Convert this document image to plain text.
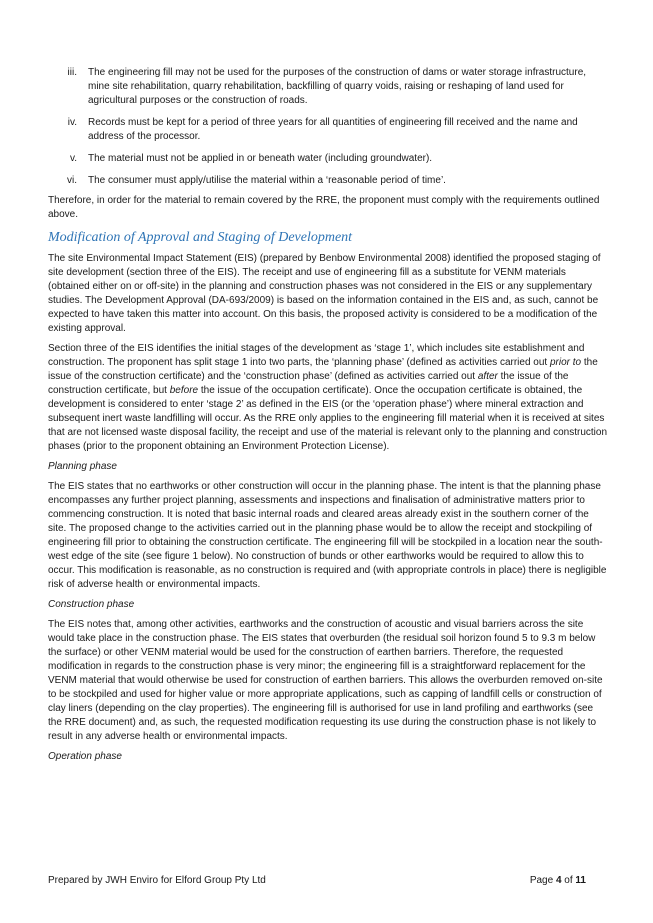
iii.	The engineering fill may not be used for the purposes of the construction of dams or water storage infrastructure, mine site rehabilitation, quarry rehabilitation, backfilling of quarry voids, raising or reshaping of land used for agricultural purposes or the construction of roads.
iv.	Records must be kept for a period of three years for all quantities of engineering fill received and the name and address of the processor.
v.	The material must not be applied in or beneath water (including groundwater).
vi.	The consumer must apply/utilise the material within a ‘reasonable period of time’.

Therefore, in order for the material to remain covered by the RRE, the proponent must comply with the requirements outlined above.

Modification of Approval and Staging of Development

The site Environmental Impact Statement (EIS) (prepared by Benbow Environmental 2008) identified the proposed staging of site development (section three of the EIS). The receipt and use of engineering fill as a substitute for VENM materials (obtained either on or off-site) in the planning and construction phases was not considered in the EIS or any supplementary studies. The Development Approval (DA-693/2009) is based on the information contained in the EIS and, as such, cannot be expected to have taken this matter into account. On this basis, the proposed activity is considered to be a modification of the existing approval.

Section three of the EIS identifies the initial stages of the development as ‘stage 1’, which includes site establishment and construction. The proponent has split stage 1 into two parts, the ‘planning phase’ (defined as activities carried out prior to the issue of the construction certificate) and the ‘construction phase’ (defined as activities carried out after the issue of the construction certificate, but before the issue of the occupation certificate). Once the occupation certificate is obtained, the development is considered to enter ‘stage 2’ as defined in the EIS (or the ‘operation phase’) where mineral extraction and subsequent inert waste landfilling will occur. As the RRE only applies to the engineering fill material when it is received at sites that are not licensed waste disposal facility, the receipt and use of the material is relevant only to the planning and construction phases (prior to the proponent obtaining an Environment Protection License).

Planning phase

The EIS states that no earthworks or other construction will occur in the planning phase. The intent is that the planning phase encompasses any further project planning, assessments and inspections and finalisation of administrative matters prior to commencing construction. It is noted that basic internal roads and cleared areas already exist in the southern corner of the site. The proposed change to the activities carried out in the planning phase would be to allow the receipt and stockpiling of engineering fill prior to obtaining the construction certificate. The engineering fill will be stockpiled in a location near the south-west edge of the site (see figure 1 below). No construction of bunds or other earthworks would be required to allow this to occur. This modification is reasonable, as no construction is required and (with appropriate controls in place) there is negligible risk of adverse health or environmental impacts.

Construction phase

The EIS notes that, among other activities, earthworks and the construction of acoustic and visual barriers across the site would take place in the construction phase. The EIS states that overburden (the residual soil horizon found 5 to 9.3 m below the surface) or other VENM material would be used for the construction of earthen barriers. Therefore, the requested modification in regards to the construction phase is very minor; the engineering fill is a straightforward replacement for the VENM material that would otherwise be used for construction of earthen barriers. This allows the overburden removed on-site to be stockpiled and used for higher value or more appropriate applications, such as capping of landfill cells or construction of clay liners (depending on the clay properties). The engineering fill is authorised for use in land profiling and earthworks (see the RRE document) and, as such, the requested modification requesting its use during the construction phase is not likely to result in any adverse health or environmental impacts.

Operation phase
Prepared by JWH Enviro for Elford Group Pty Ltd	Page 4 of 11
